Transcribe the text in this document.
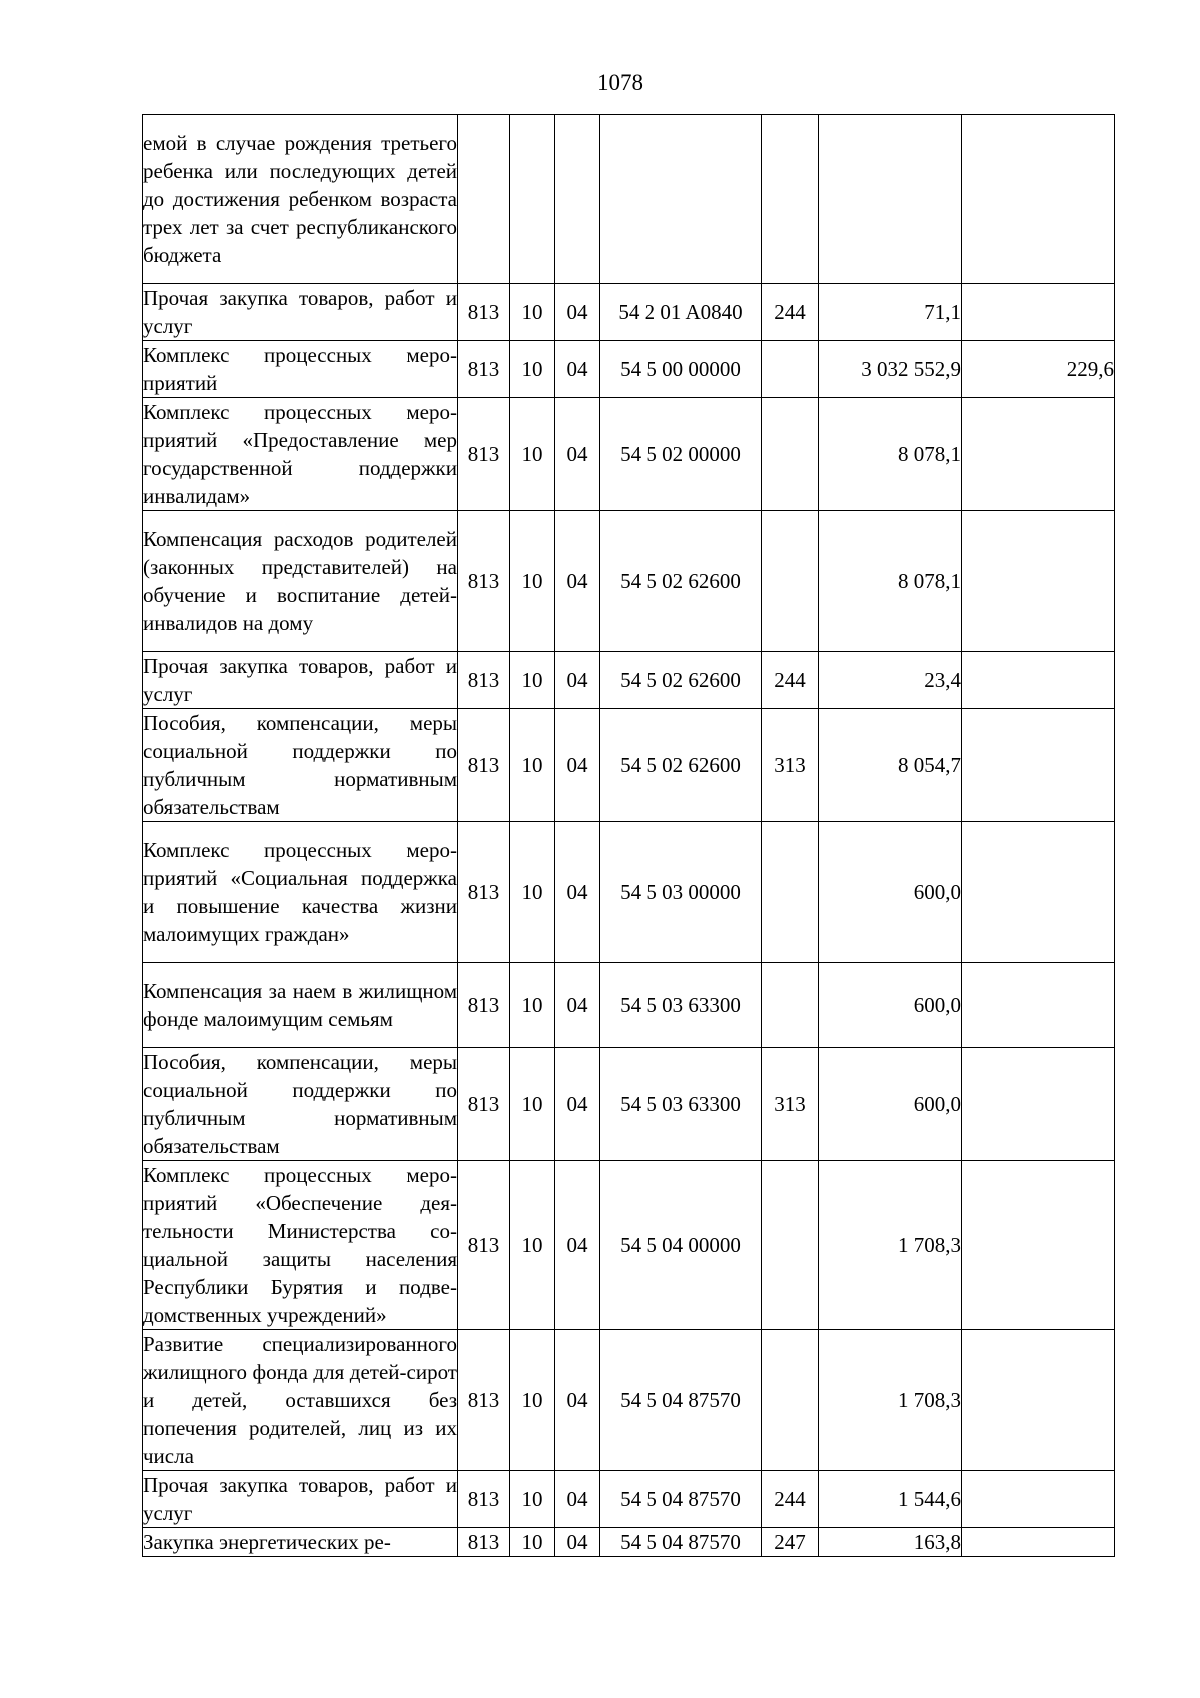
1078
емой в случае рождения третьего ребенка или последующих детей до достижения ребенком возраста трех лет за счет республиканского бюджета							
Прочая закупка товаров, работ и услуг	813	10	04	54 2 01 A0840	244	71,1	
Комплекс процессных мероприятий	813	10	04	54 5 00 00000		3 032 552,9	229,6
Комплекс процессных мероприятий «Предоставление мер государственной поддержки инвалидам»	813	10	04	54 5 02 00000		8 078,1	
Компенсация расходов родителей (законных представителей) на обучение и воспитание детей-инвалидов на дому	813	10	04	54 5 02 62600		8 078,1	
Прочая закупка товаров, работ и услуг	813	10	04	54 5 02 62600	244	23,4	
Пособия, компенсации, меры социальной поддержки по публичным нормативным обязательствам	813	10	04	54 5 02 62600	313	8 054,7	
Комплекс процессных мероприятий «Социальная поддержка и повышение качества жизни малоимущих граждан»	813	10	04	54 5 03 00000		600,0	
Компенсация за наем в жилищном фонде малоимущим семьям	813	10	04	54 5 03 63300		600,0	
Пособия, компенсации, меры социальной поддержки по публичным нормативным обязательствам	813	10	04	54 5 03 63300	313	600,0	
Комплекс процессных мероприятий «Обеспечение деятельности Министерства социальной защиты населения Республики Бурятия и подведомственных учреждений»	813	10	04	54 5 04 00000		1 708,3	
Развитие специализированного жилищного фонда для детей-сирот и детей, оставшихся без попечения родителей, лиц из их числа	813	10	04	54 5 04 87570		1 708,3	
Прочая закупка товаров, работ и услуг	813	10	04	54 5 04 87570	244	1 544,6	
Закупка энергетических ре-	813	10	04	54 5 04 87570	247	163,8	
